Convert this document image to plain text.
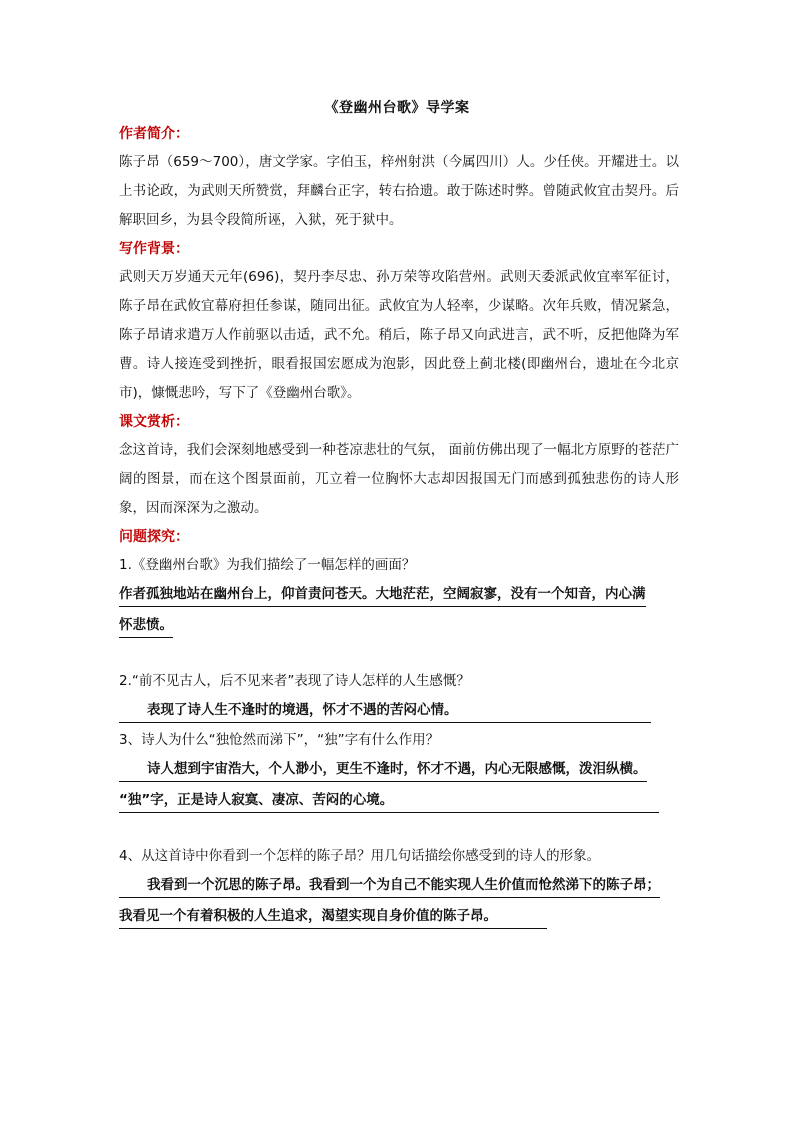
《登幽州台歌》导学案
作者简介：

陈子昂（659～700），唐文学家。字伯玉，梓州射洪（今属四川）人。少任侠。开耀进士。以上书论政，为武则天所赞赏，拜麟台正字，转右拾遗。敢于陈述时弊。曾随武攸宜击契丹。后解职回乡，为县令段简所诬，入狱，死于狱中。

写作背景：

武则天万岁通天元年(696)，契丹李尽忠、孙万荣等攻陷营州。武则天委派武攸宜率军征讨，陈子昂在武攸宜幕府担任参谋，随同出征。武攸宜为人轻率，少谋略。次年兵败，情况紧急，陈子昂请求遣万人作前驱以击适，武不允。稍后，陈子昂又向武进言，武不听，反把他降为军曹。诗人接连受到挫折，眼看报国宏愿成为泡影，因此登上蓟北楼(即幽州台，遗址在今北京市)，慷慨悲吟，写下了《登幽州台歌》。

课文赏析：

念这首诗，我们会深刻地感受到一种苍凉悲壮的气氛， 面前仿佛出现了一幅北方原野的苍茫广阔的图景，而在这个图景面前，兀立着一位胸怀大志却因报国无门而感到孤独悲伤的诗人形象，因而深深为之激动。

问题探究：

1.《登幽州台歌》为我们描绘了一幅怎样的画面？

作者孤独地站在幽州台上，仰首责问苍天。大地茫茫，空阔寂寥，没有一个知音，内心满

怀悲愤。

2.“前不见古人，后不见来者”表现了诗人怎样的人生感慨？

表现了诗人生不逢时的境遇，怀才不遇的苦闷心情。

3、诗人为什么“独怆然而涕下”，“独”字有什么作用？

诗人想到宇宙浩大，个人渺小，更生不逢时，怀才不遇，内心无限感慨，泼泪纵横。

“独”字，正是诗人寂寞、凄凉、苦闷的心境。

4、从这首诗中你看到一个怎样的陈子昂？用几句话描绘你感受到的诗人的形象。

我看到一个沉思的陈子昂。我看到一个为自己不能实现人生价值而怆然涕下的陈子昂；

我看见一个有着积极的人生追求，渴望实现自身价值的陈子昂。
